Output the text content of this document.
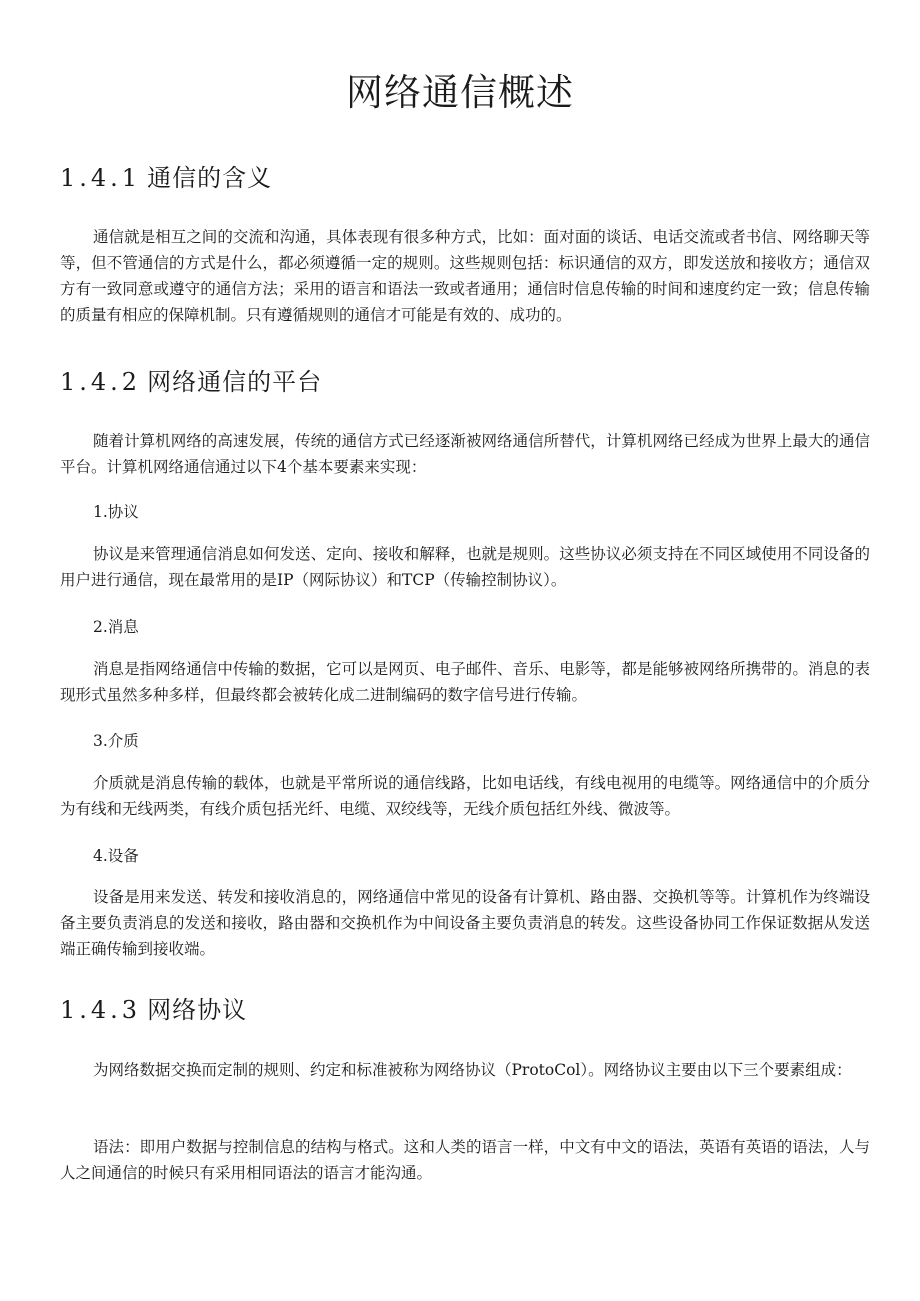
网络通信概述
1.4.1 通信的含义

通信就是相互之间的交流和沟通，具体表现有很多种方式，比如：面对面的谈话、电话交流或者书信、网络聊天等等，但不管通信的方式是什么，都必须遵循一定的规则。这些规则包括：标识通信的双方，即发送放和接收方；通信双方有一致同意或遵守的通信方法；采用的语言和语法一致或者通用；通信时信息传输的时间和速度约定一致；信息传输的质量有相应的保障机制。只有遵循规则的通信才可能是有效的、成功的。

1.4.2 网络通信的平台

随着计算机网络的高速发展，传统的通信方式已经逐渐被网络通信所替代，计算机网络已经成为世界上最大的通信平台。计算机网络通信通过以下4个基本要素来实现：

1.协议

协议是来管理通信消息如何发送、定向、接收和解释，也就是规则。这些协议必须支持在不同区域使用不同设备的用户进行通信，现在最常用的是IP（网际协议）和TCP（传输控制协议）。

2.消息

消息是指网络通信中传输的数据，它可以是网页、电子邮件、音乐、电影等，都是能够被网络所携带的。消息的表现形式虽然多种多样，但最终都会被转化成二进制编码的数字信号进行传输。

3.介质

介质就是消息传输的载体，也就是平常所说的通信线路，比如电话线，有线电视用的电缆等。网络通信中的介质分为有线和无线两类，有线介质包括光纤、电缆、双绞线等，无线介质包括红外线、微波等。

4.设备

设备是用来发送、转发和接收消息的，网络通信中常见的设备有计算机、路由器、交换机等等。计算机作为终端设备主要负责消息的发送和接收，路由器和交换机作为中间设备主要负责消息的转发。这些设备协同工作保证数据从发送端正确传输到接收端。

1.4.3 网络协议

为网络数据交换而定制的规则、约定和标准被称为网络协议（ProtoCol）。网络协议主要由以下三个要素组成：

语法：即用户数据与控制信息的结构与格式。这和人类的语言一样，中文有中文的语法，英语有英语的语法，人与人之间通信的时候只有采用相同语法的语言才能沟通。
